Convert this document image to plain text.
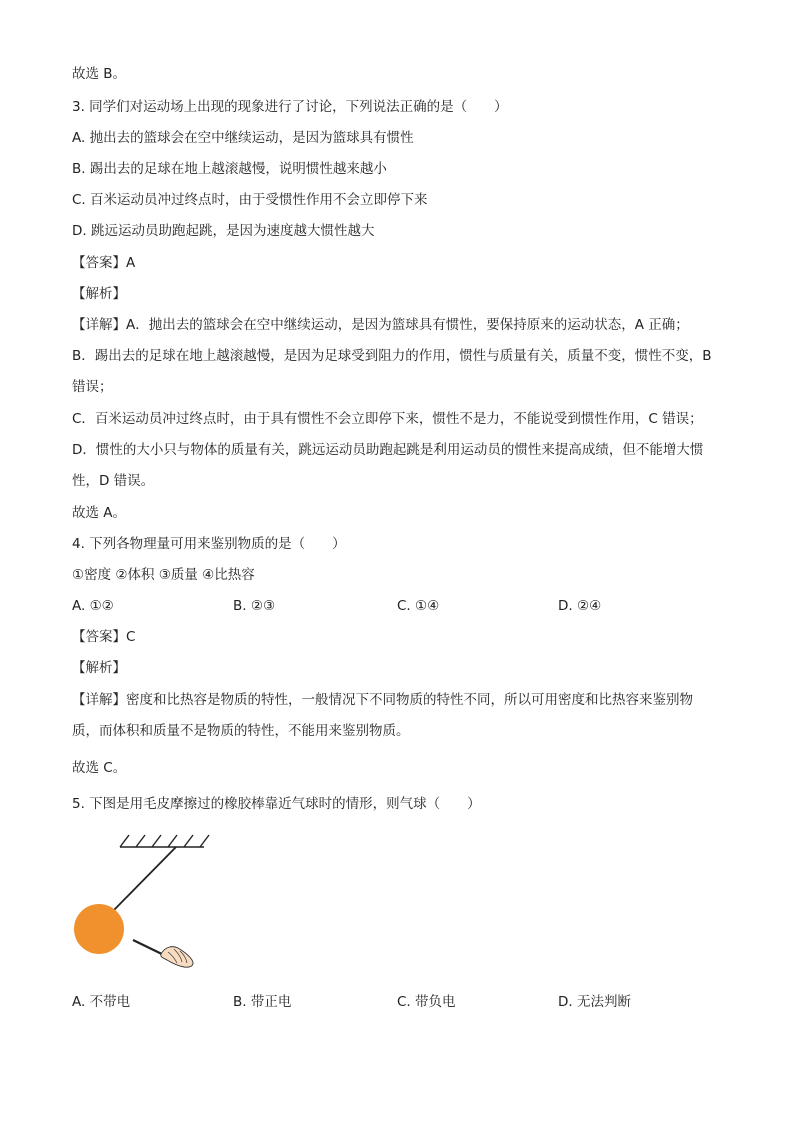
故选 B。
3. 同学们对运动场上出现的现象进行了讨论，下列说法正确的是（　　）
A. 抛出去的篮球会在空中继续运动，是因为篮球具有惯性
B. 踢出去的足球在地上越滚越慢，说明惯性越来越小
C. 百米运动员冲过终点时，由于受惯性作用不会立即停下来
D. 跳远运动员助跑起跳，是因为速度越大惯性越大
【答案】A
【解析】
【详解】A．抛出去的篮球会在空中继续运动，是因为篮球具有惯性，要保持原来的运动状态，A 正确；
B．踢出去的足球在地上越滚越慢，是因为足球受到阻力的作用，惯性与质量有关，质量不变，惯性不变，B
错误；
C．百米运动员冲过终点时，由于具有惯性不会立即停下来，惯性不是力，不能说受到惯性作用，C 错误；
D．惯性的大小只与物体的质量有关，跳远运动员助跑起跳是利用运动员的惯性来提高成绩，但不能增大惯
性，D 错误。
故选 A。
4. 下列各物理量可用来鉴别物质的是（　　）
①密度 ②体积 ③质量 ④比热容
A. ①②	B. ②③	C. ①④	D. ②④
【答案】C
【解析】
【详解】密度和比热容是物质的特性，一般情况下不同物质的特性不同，所以可用密度和比热容来鉴别物
质，而体积和质量不是物质的特性，不能用来鉴别物质。
故选 C。
5. 下图是用毛皮摩擦过的橡胶棒靠近气球时的情形，则气球（　　）
A. 不带电	B. 带正电	C. 带负电	D. 无法判断
